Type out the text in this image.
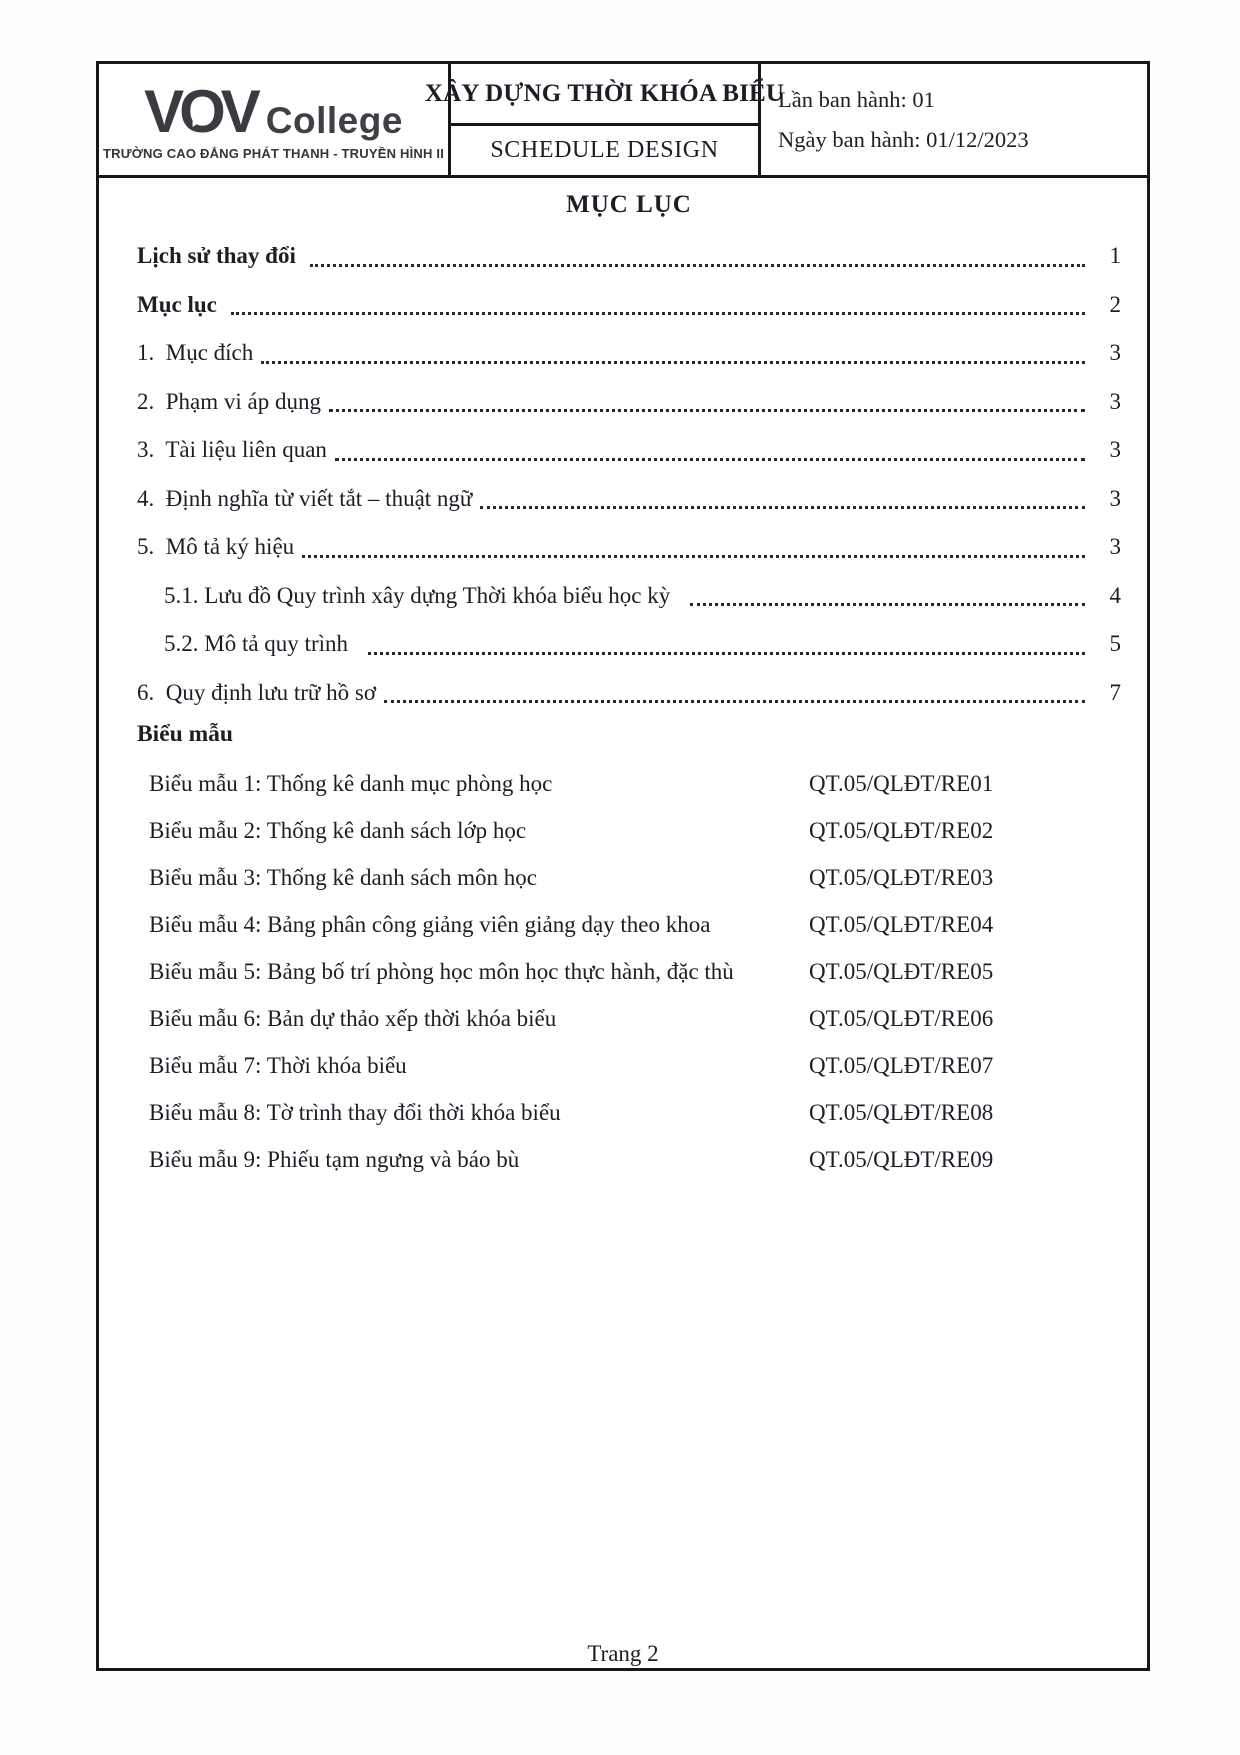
VOV College
TRƯỜNG CAO ĐẲNG PHÁT THANH - TRUYỀN HÌNH II
XÂY DỰNG THỜI KHÓA BIỂU
SCHEDULE DESIGN
Lần ban hành: 01
Ngày ban hành: 01/12/2023
MỤC LỤC
Lịch sử thay đổi	1
Mục lục	2
1.  Mục đích	3
2.  Phạm vi áp dụng	3
3.  Tài liệu liên quan	3
4.  Định nghĩa từ viết tắt – thuật ngữ	3
5.  Mô tả ký hiệu	3
5.1. Lưu đồ Quy trình xây dựng Thời khóa biểu học kỳ	4
5.2. Mô tả quy trình	5
6.  Quy định lưu trữ hồ sơ	7
Biểu mẫu
Biểu mẫu 1: Thống kê danh mục phòng học	QT.05/QLĐT/RE01
Biểu mẫu 2: Thống kê danh sách lớp học	QT.05/QLĐT/RE02
Biểu mẫu 3: Thống kê danh sách môn học	QT.05/QLĐT/RE03
Biểu mẫu 4: Bảng phân công giảng viên giảng dạy theo khoa	QT.05/QLĐT/RE04
Biểu mẫu 5: Bảng bố trí phòng học môn học thực hành, đặc thù	QT.05/QLĐT/RE05
Biểu mẫu 6: Bản dự thảo xếp thời khóa biểu	QT.05/QLĐT/RE06
Biểu mẫu 7: Thời khóa biểu	QT.05/QLĐT/RE07
Biểu mẫu 8: Tờ trình thay đổi thời khóa biểu	QT.05/QLĐT/RE08
Biểu mẫu 9: Phiếu tạm ngưng và báo bù	QT.05/QLĐT/RE09
Trang 2
